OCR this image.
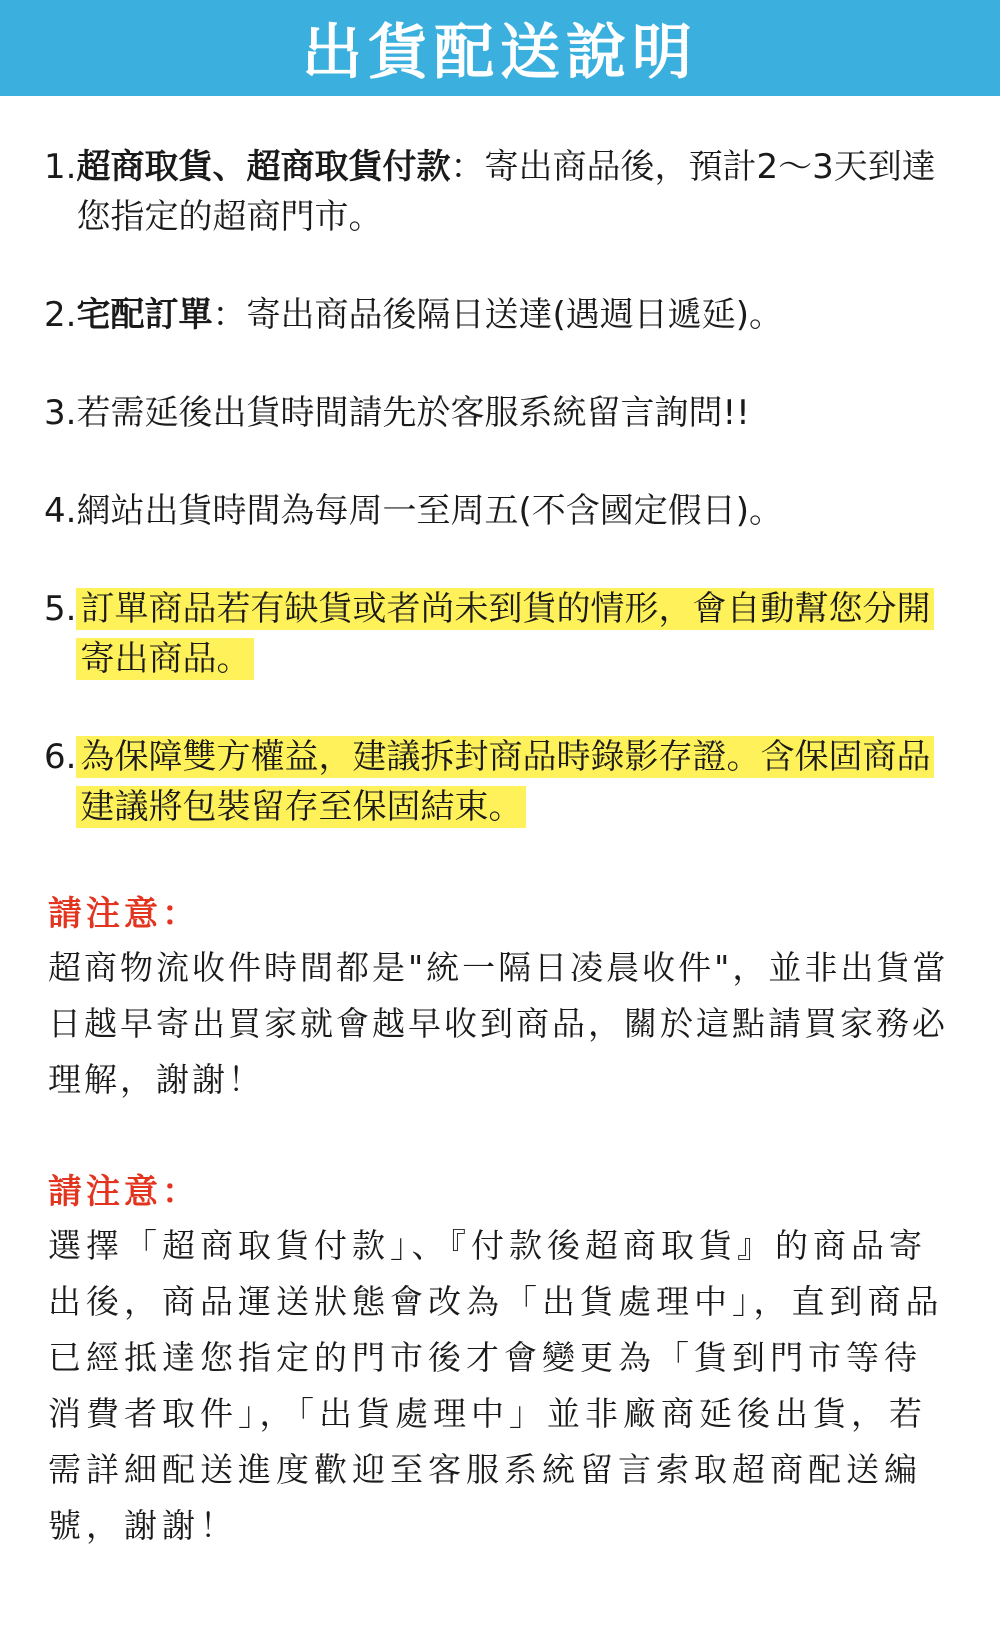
出貨配送說明
1. 超商取貨、超商取貨付款：寄出商品後，預計2～3天到達您指定的超商門市。
2. 宅配訂單：寄出商品後隔日送達(遇週日遞延)。
3. 若需延後出貨時間請先於客服系統留言詢問!!
4. 網站出貨時間為每周一至周五(不含國定假日)。
5. 訂單商品若有缺貨或者尚未到貨的情形，會自動幫您分開寄出商品。
6. 為保障雙方權益，建議拆封商品時錄影存證。含保固商品建議將包裝留存至保固結束。
請注意：
超商物流收件時間都是"統一隔日凌晨收件"，並非出貨當日越早寄出買家就會越早收到商品，關於這點請買家務必理解，謝謝！
請注意：
選擇「超商取貨付款」、『付款後超商取貨』的商品寄出後，商品運送狀態會改為「出貨處理中」，直到商品已經抵達您指定的門市後才會變更為「貨到門市等待消費者取件」，「出貨處理中」並非廠商延後出貨，若需詳細配送進度歡迎至客服系統留言索取超商配送編號，謝謝！
